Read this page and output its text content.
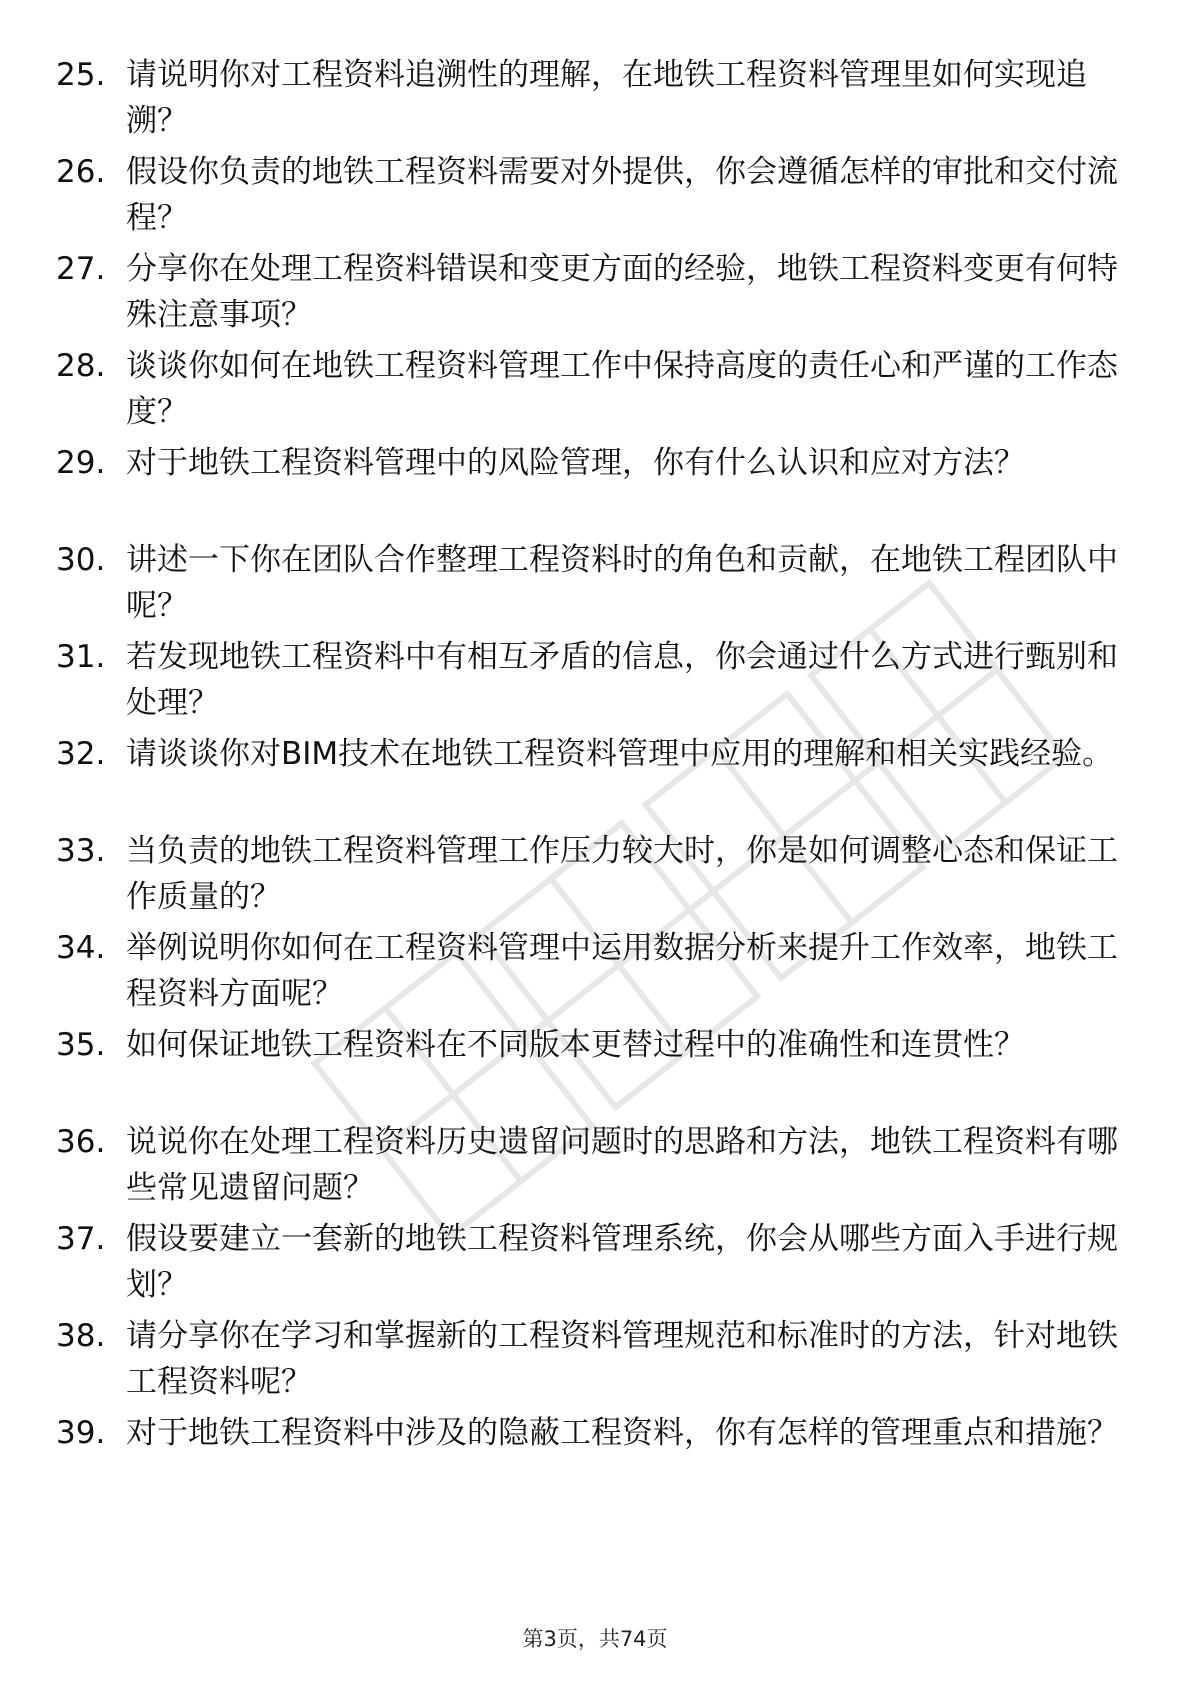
25. 请说明你对工程资料追溯性的理解，在地铁工程资料管理里如何实现追溯？
26. 假设你负责的地铁工程资料需要对外提供，你会遵循怎样的审批和交付流程？
27. 分享你在处理工程资料错误和变更方面的经验，地铁工程资料变更有何特殊注意事项？
28. 谈谈你如何在地铁工程资料管理工作中保持高度的责任心和严谨的工作态度？
29. 对于地铁工程资料管理中的风险管理，你有什么认识和应对方法？
30. 讲述一下你在团队合作整理工程资料时的角色和贡献，在地铁工程团队中呢？
31. 若发现地铁工程资料中有相互矛盾的信息，你会通过什么方式进行甄别和处理？
32. 请谈谈你对BIM技术在地铁工程资料管理中应用的理解和相关实践经验。
33. 当负责的地铁工程资料管理工作压力较大时，你是如何调整心态和保证工作质量的？
34. 举例说明你如何在工程资料管理中运用数据分析来提升工作效率，地铁工程资料方面呢？
35. 如何保证地铁工程资料在不同版本更替过程中的准确性和连贯性？
36. 说说你在处理工程资料历史遗留问题时的思路和方法，地铁工程资料有哪些常见遗留问题？
37. 假设要建立一套新的地铁工程资料管理系统，你会从哪些方面入手进行规划？
38. 请分享你在学习和掌握新的工程资料管理规范和标准时的方法，针对地铁工程资料呢？
39. 对于地铁工程资料中涉及的隐蔽工程资料，你有怎样的管理重点和措施？
第3页，共74页
